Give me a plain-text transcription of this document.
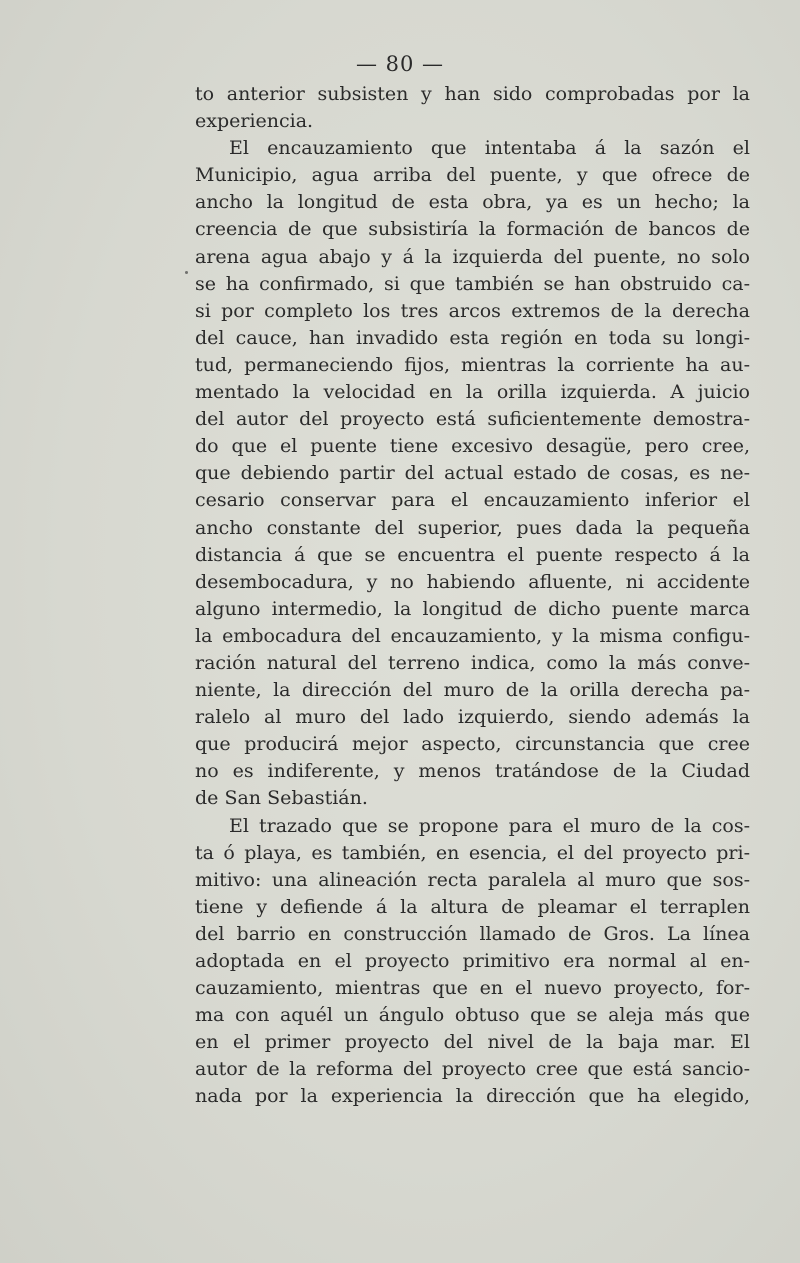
— 80 —
to anterior subsisten y han sido comprobadas por la
experiencia.
El encauzamiento que intentaba á la sazón el
Municipio, agua arriba del puente, y que ofrece de
ancho la longitud de esta obra, ya es un hecho; la
creencia de que subsistiría la formación de bancos de
arena agua abajo y á la izquierda del puente, no solo
se ha confirmado, si que también se han obstruido ca-
si por completo los tres arcos extremos de la derecha
del cauce, han invadido esta región en toda su longi-
tud, permaneciendo fijos, mientras la corriente ha au-
mentado la velocidad en la orilla izquierda. A juicio
del autor del proyecto está suficientemente demostra-
do que el puente tiene excesivo desagüe, pero cree,
que debiendo partir del actual estado de cosas, es ne-
cesario conservar para el encauzamiento inferior el
ancho constante del superior, pues dada la pequeña
distancia á que se encuentra el puente respecto á la
desembocadura, y no habiendo afluente, ni accidente
alguno intermedio, la longitud de dicho puente marca
la embocadura del encauzamiento, y la misma configu-
ración natural del terreno indica, como la más conve-
niente, la dirección del muro de la orilla derecha pa-
ralelo al muro del lado izquierdo, siendo además la
que producirá mejor aspecto, circunstancia que cree
no es indiferente, y menos tratándose de la Ciudad
de San Sebastián.
El trazado que se propone para el muro de la cos-
ta ó playa, es también, en esencia, el del proyecto pri-
mitivo: una alineación recta paralela al muro que sos-
tiene y defiende á la altura de pleamar el terraplen
del barrio en construcción llamado de Gros. La línea
adoptada en el proyecto primitivo era normal al en-
cauzamiento, mientras que en el nuevo proyecto, for-
ma con aquél un ángulo obtuso que se aleja más que
en el primer proyecto del nivel de la baja mar. El
autor de la reforma del proyecto cree que está sancio-
nada por la experiencia la dirección que ha elegido,
